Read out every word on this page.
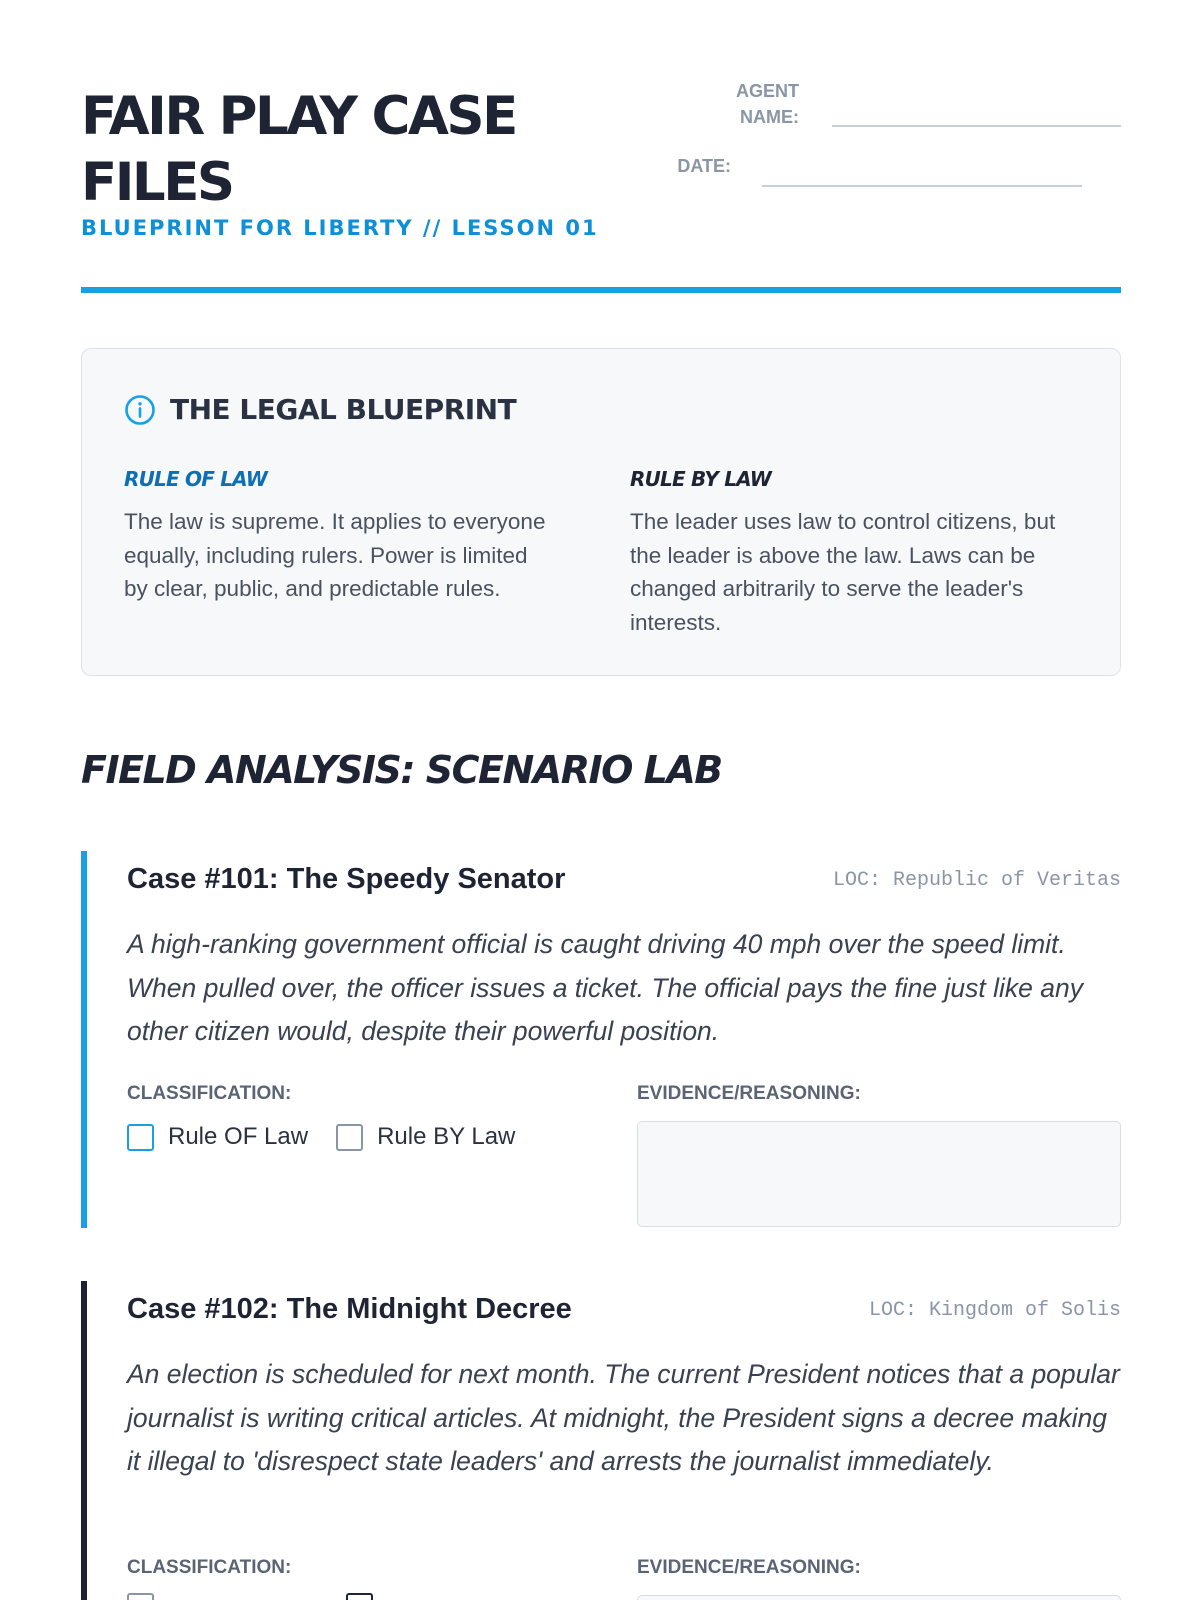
FAIR PLAY CASE FILES
BLUEPRINT FOR LIBERTY // LESSON 01
AGENT
NAME:
DATE:
THE LEGAL BLUEPRINT
RULE OF LAW
The law is supreme. It applies to everyone equally, including rulers. Power is limited by clear, public, and predictable rules.
RULE BY LAW
The leader uses law to control citizens, but the leader is above the law. Laws can be changed arbitrarily to serve the leader's interests.
FIELD ANALYSIS: SCENARIO LAB
Case #101: The Speedy Senator	LOC: Republic of Veritas
A high-ranking government official is caught driving 40 mph over the speed limit. When pulled over, the officer issues a ticket. The official pays the fine just like any other citizen would, despite their powerful position.
CLASSIFICATION:
Rule OF Law	Rule BY Law
EVIDENCE/REASONING:
Case #102: The Midnight Decree	LOC: Kingdom of Solis
An election is scheduled for next month. The current President notices that a popular journalist is writing critical articles. At midnight, the President signs a decree making it illegal to 'disrespect state leaders' and arrests the journalist immediately.
CLASSIFICATION:	EVIDENCE/REASONING:
